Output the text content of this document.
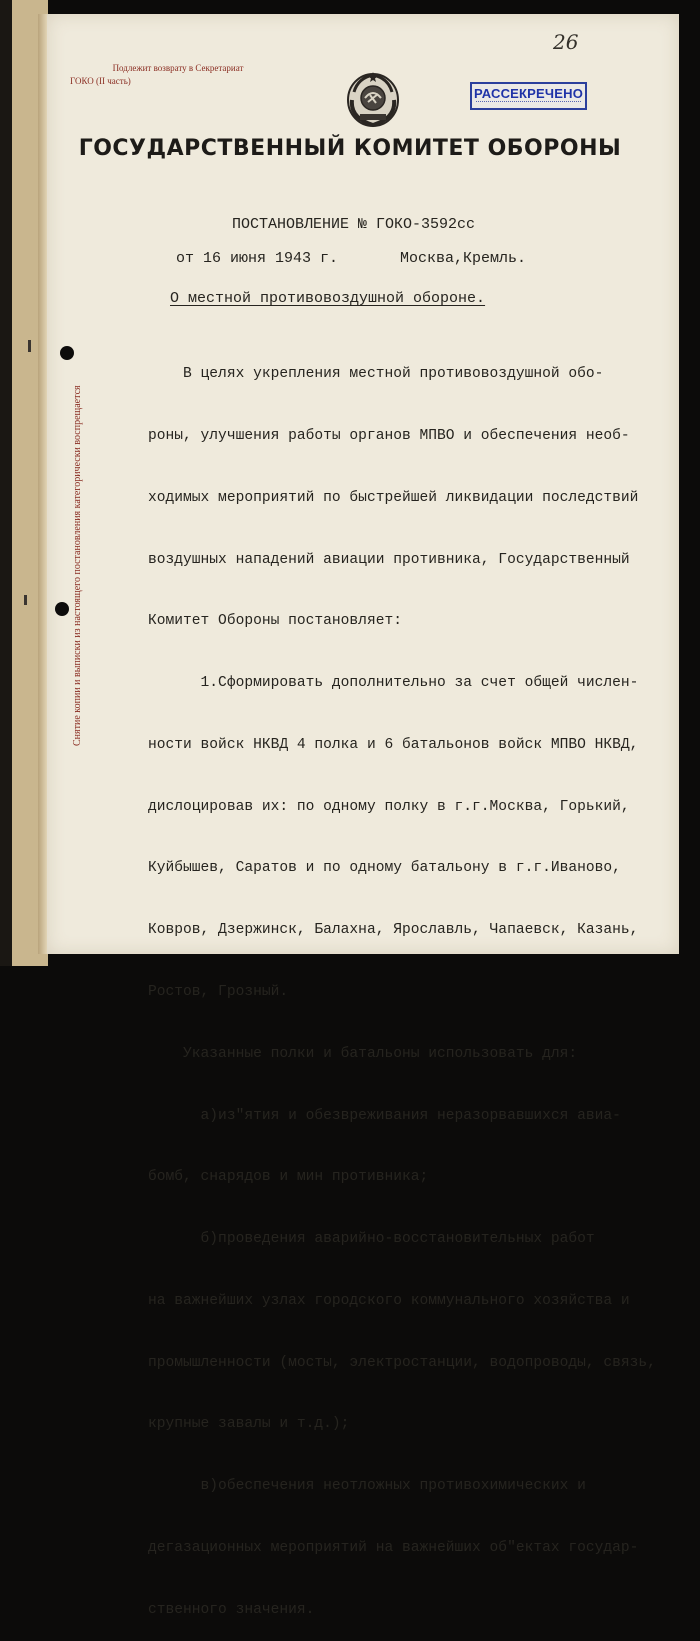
26
Подлежит возврату в Секретариат
ГОКО (II часть)
РАССЕКРЕЧЕНО
ГОСУДАРСТВЕННЫЙ КОМИТЕТ ОБОРОНЫ
ПОСТАНОВЛЕНИЕ № ГОКО-3592сс
от 16 июня 1943 г.	Москва,Кремль.
О местной противовоздушной обороне.

В целях укрепления местной противовоздушной обо-

роны, улучшения работы органов МПВО и обеспечения необ-

ходимых мероприятий по быстрейшей ликвидации последствий

воздушных нападений авиации противника, Государственный

Комитет Обороны постановляет:

1.Сформировать дополнительно за счет общей числен-

ности войск НКВД 4 полка и 6 батальонов войск МПВО НКВД,

дислоцировав их: по одному полку в г.г.Москва, Горький,

Куйбышев, Саратов и по одному батальону в г.г.Иваново,

Ковров, Дзержинск, Балахна, Ярославль, Чапаевск, Казань,

Ростов, Грозный.

Указанные полки и батальоны использовать для:

а)из"ятия и обезвреживания неразорвавшихся авиа-

бомб, снарядов и мин противника;

б)проведения аварийно-восстановительных работ

на важнейших узлах городского коммунального хозяйства и

промышленности (мосты, электростанции, водопроводы, связь,

крупные завалы и т.д.);

в)обеспечения неотложных противохимических и

дегазационных мероприятий на важнейших об"ектах государ-

ственного значения.

Снятие копии и выписки из настоящего постановления категорически воспрещается
